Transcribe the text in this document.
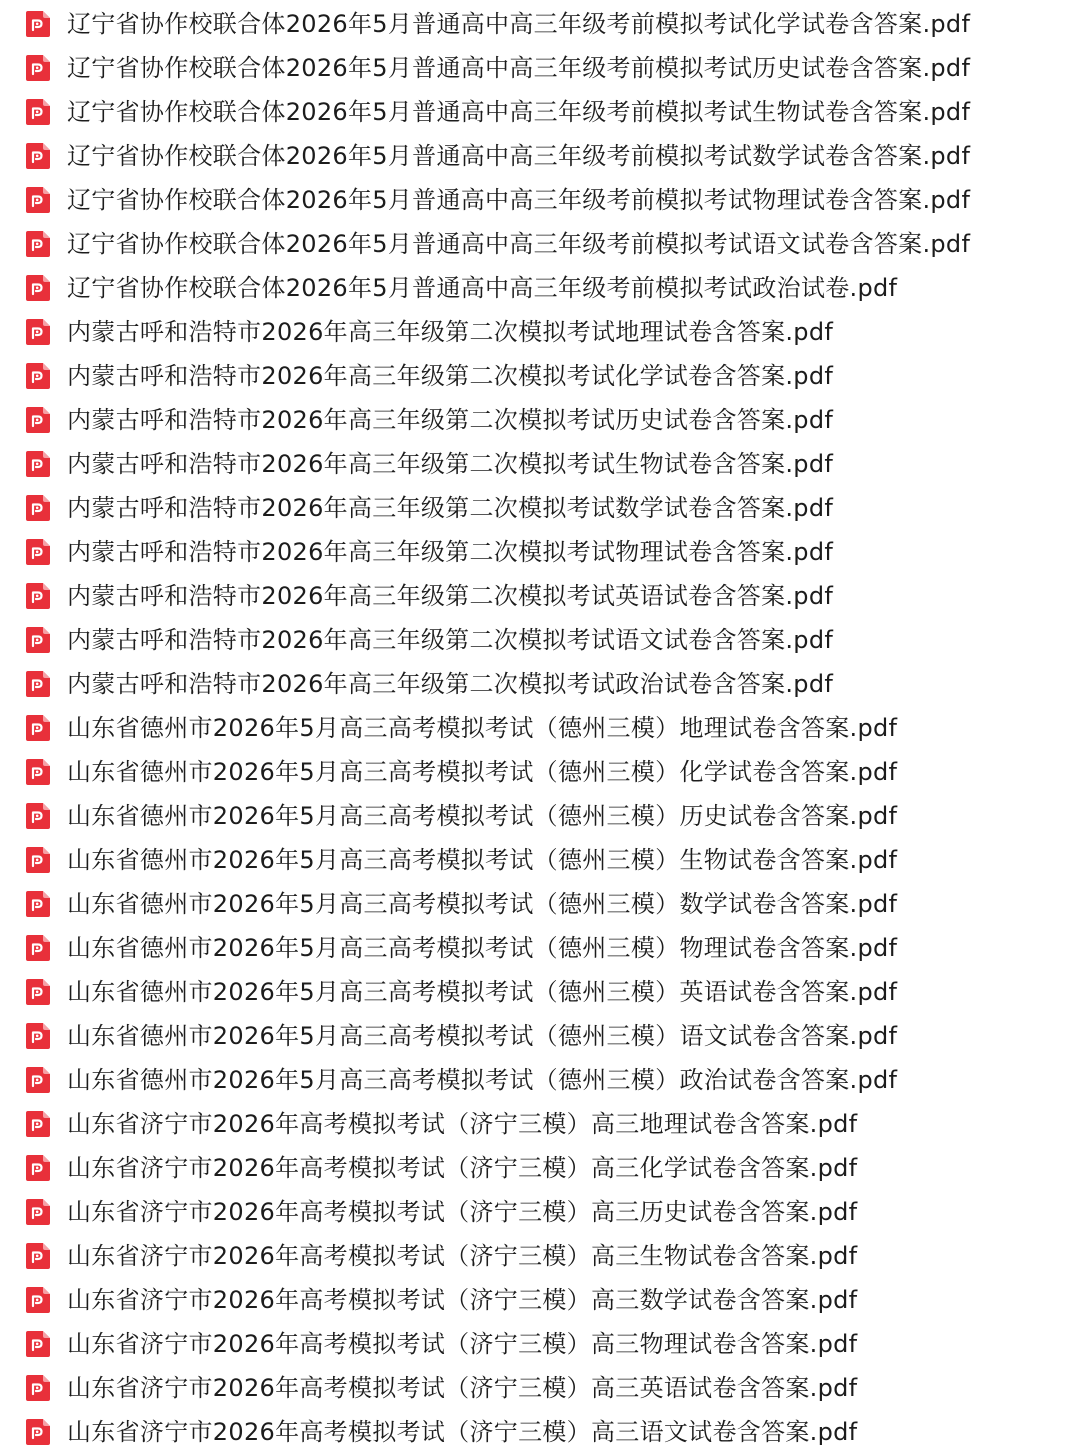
辽宁省协作校联合体2026年5月普通高中高三年级考前模拟考试化学试卷含答案.pdf
辽宁省协作校联合体2026年5月普通高中高三年级考前模拟考试历史试卷含答案.pdf
辽宁省协作校联合体2026年5月普通高中高三年级考前模拟考试生物试卷含答案.pdf
辽宁省协作校联合体2026年5月普通高中高三年级考前模拟考试数学试卷含答案.pdf
辽宁省协作校联合体2026年5月普通高中高三年级考前模拟考试物理试卷含答案.pdf
辽宁省协作校联合体2026年5月普通高中高三年级考前模拟考试语文试卷含答案.pdf
辽宁省协作校联合体2026年5月普通高中高三年级考前模拟考试政治试卷.pdf
内蒙古呼和浩特市2026年高三年级第二次模拟考试地理试卷含答案.pdf
内蒙古呼和浩特市2026年高三年级第二次模拟考试化学试卷含答案.pdf
内蒙古呼和浩特市2026年高三年级第二次模拟考试历史试卷含答案.pdf
内蒙古呼和浩特市2026年高三年级第二次模拟考试生物试卷含答案.pdf
内蒙古呼和浩特市2026年高三年级第二次模拟考试数学试卷含答案.pdf
内蒙古呼和浩特市2026年高三年级第二次模拟考试物理试卷含答案.pdf
内蒙古呼和浩特市2026年高三年级第二次模拟考试英语试卷含答案.pdf
内蒙古呼和浩特市2026年高三年级第二次模拟考试语文试卷含答案.pdf
内蒙古呼和浩特市2026年高三年级第二次模拟考试政治试卷含答案.pdf
山东省德州市2026年5月高三高考模拟考试（德州三模）地理试卷含答案.pdf
山东省德州市2026年5月高三高考模拟考试（德州三模）化学试卷含答案.pdf
山东省德州市2026年5月高三高考模拟考试（德州三模）历史试卷含答案.pdf
山东省德州市2026年5月高三高考模拟考试（德州三模）生物试卷含答案.pdf
山东省德州市2026年5月高三高考模拟考试（德州三模）数学试卷含答案.pdf
山东省德州市2026年5月高三高考模拟考试（德州三模）物理试卷含答案.pdf
山东省德州市2026年5月高三高考模拟考试（德州三模）英语试卷含答案.pdf
山东省德州市2026年5月高三高考模拟考试（德州三模）语文试卷含答案.pdf
山东省德州市2026年5月高三高考模拟考试（德州三模）政治试卷含答案.pdf
山东省济宁市2026年高考模拟考试（济宁三模）高三地理试卷含答案.pdf
山东省济宁市2026年高考模拟考试（济宁三模）高三化学试卷含答案.pdf
山东省济宁市2026年高考模拟考试（济宁三模）高三历史试卷含答案.pdf
山东省济宁市2026年高考模拟考试（济宁三模）高三生物试卷含答案.pdf
山东省济宁市2026年高考模拟考试（济宁三模）高三数学试卷含答案.pdf
山东省济宁市2026年高考模拟考试（济宁三模）高三物理试卷含答案.pdf
山东省济宁市2026年高考模拟考试（济宁三模）高三英语试卷含答案.pdf
山东省济宁市2026年高考模拟考试（济宁三模）高三语文试卷含答案.pdf
